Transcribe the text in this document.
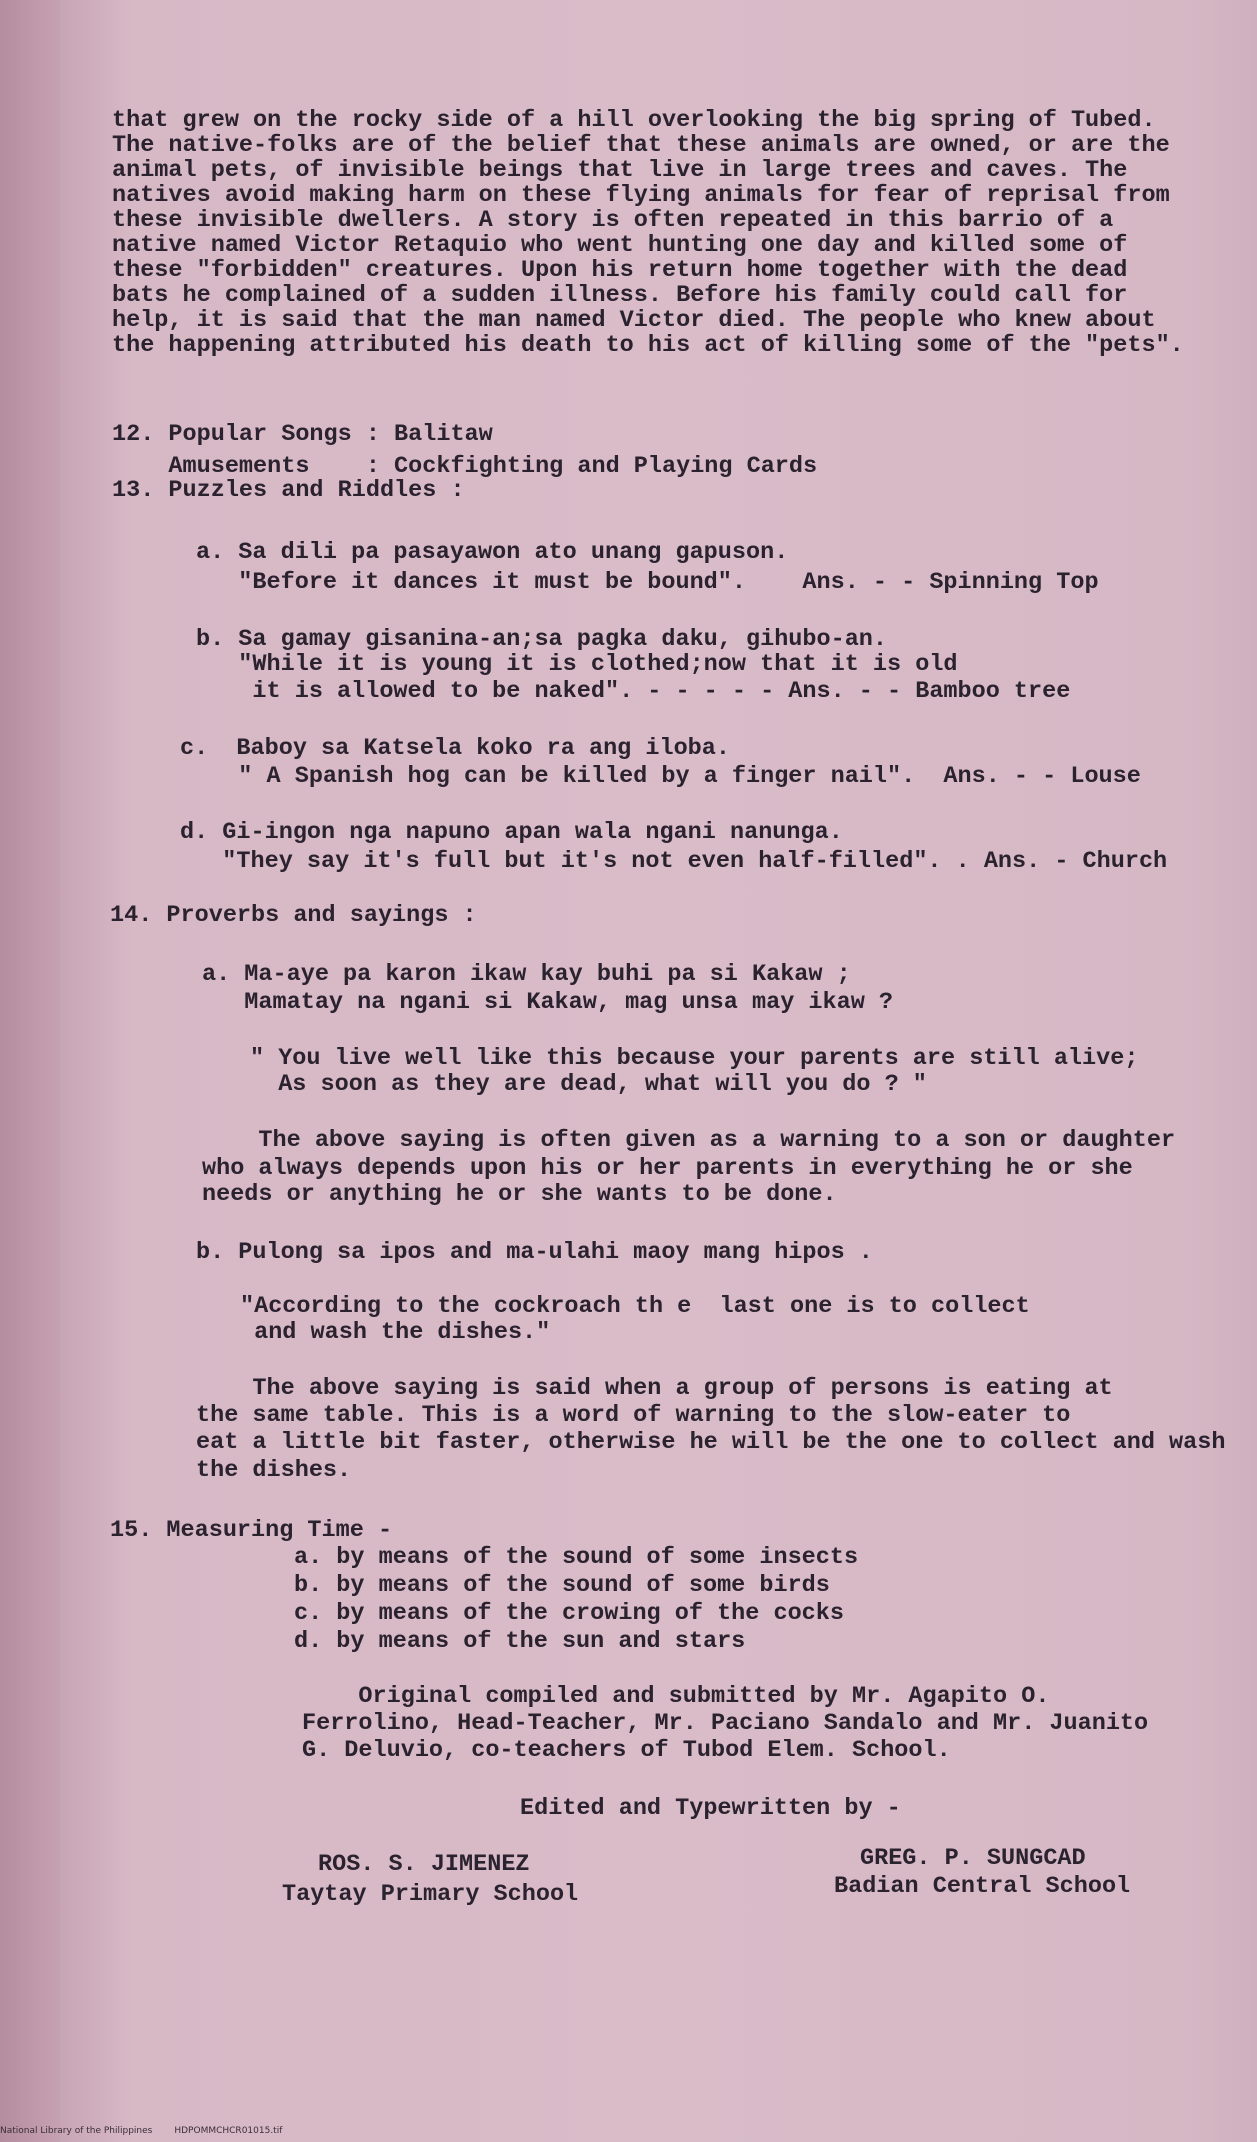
that grew on the rocky side of a hill overlooking the big spring of Tubed.
The native-folks are of the belief that these animals are owned, or are the
animal pets, of invisible beings that live in large trees and caves. The
natives avoid making harm on these flying animals for fear of reprisal from
these invisible dwellers. A story is often repeated in this barrio of a
native named Victor Retaquio who went hunting one day and killed some of
these "forbidden" creatures. Upon his return home together with the dead
bats he complained of a sudden illness. Before his family could call for
help, it is said that the man named Victor died. The people who knew about
the happening attributed his death to his act of killing some of the "pets".
12. Popular Songs : Balitaw
Amusements    : Cockfighting and Playing Cards
13. Puzzles and Riddles :
a. Sa dili pa pasayawon ato unang gapuson.
"Before it dances it must be bound".    Ans. - - Spinning Top
b. Sa gamay gisanina-an;sa pagka daku, gihubo-an.
"While it is young it is clothed;now that it is old
it is allowed to be naked". - - - - - Ans. - - Bamboo tree
c.  Baboy sa Katsela koko ra ang iloba.
" A Spanish hog can be killed by a finger nail".  Ans. - - Louse
d. Gi-ingon nga napuno apan wala ngani nanunga.
"They say it's full but it's not even half-filled". . Ans. - Church
14. Proverbs and sayings :
a. Ma-aye pa karon ikaw kay buhi pa si Kakaw ;
Mamatay na ngani si Kakaw, mag unsa may ikaw ?
" You live well like this because your parents are still alive;
As soon as they are dead, what will you do ? "
The above saying is often given as a warning to a son or daughter
who always depends upon his or her parents in everything he or she
needs or anything he or she wants to be done.
b. Pulong sa ipos and ma-ulahi maoy mang hipos .
"According to the cockroach th e  last one is to collect
and wash the dishes."
The above saying is said when a group of persons is eating at
the same table. This is a word of warning to the slow-eater to
eat a little bit faster, otherwise he will be the one to collect and wash
the dishes.
15. Measuring Time -
a. by means of the sound of some insects
b. by means of the sound of some birds
c. by means of the crowing of the cocks
d. by means of the sun and stars
Original compiled and submitted by Mr. Agapito O.
Ferrolino, Head-Teacher, Mr. Paciano Sandalo and Mr. Juanito
G. Deluvio, co-teachers of Tubod Elem. School.
Edited and Typewritten by -
ROS. S. JIMENEZ
Taytay Primary School
GREG. P. SUNGCAD
Badian Central School
National Library of the Philippines HDPOMMCHCR01015.tif
